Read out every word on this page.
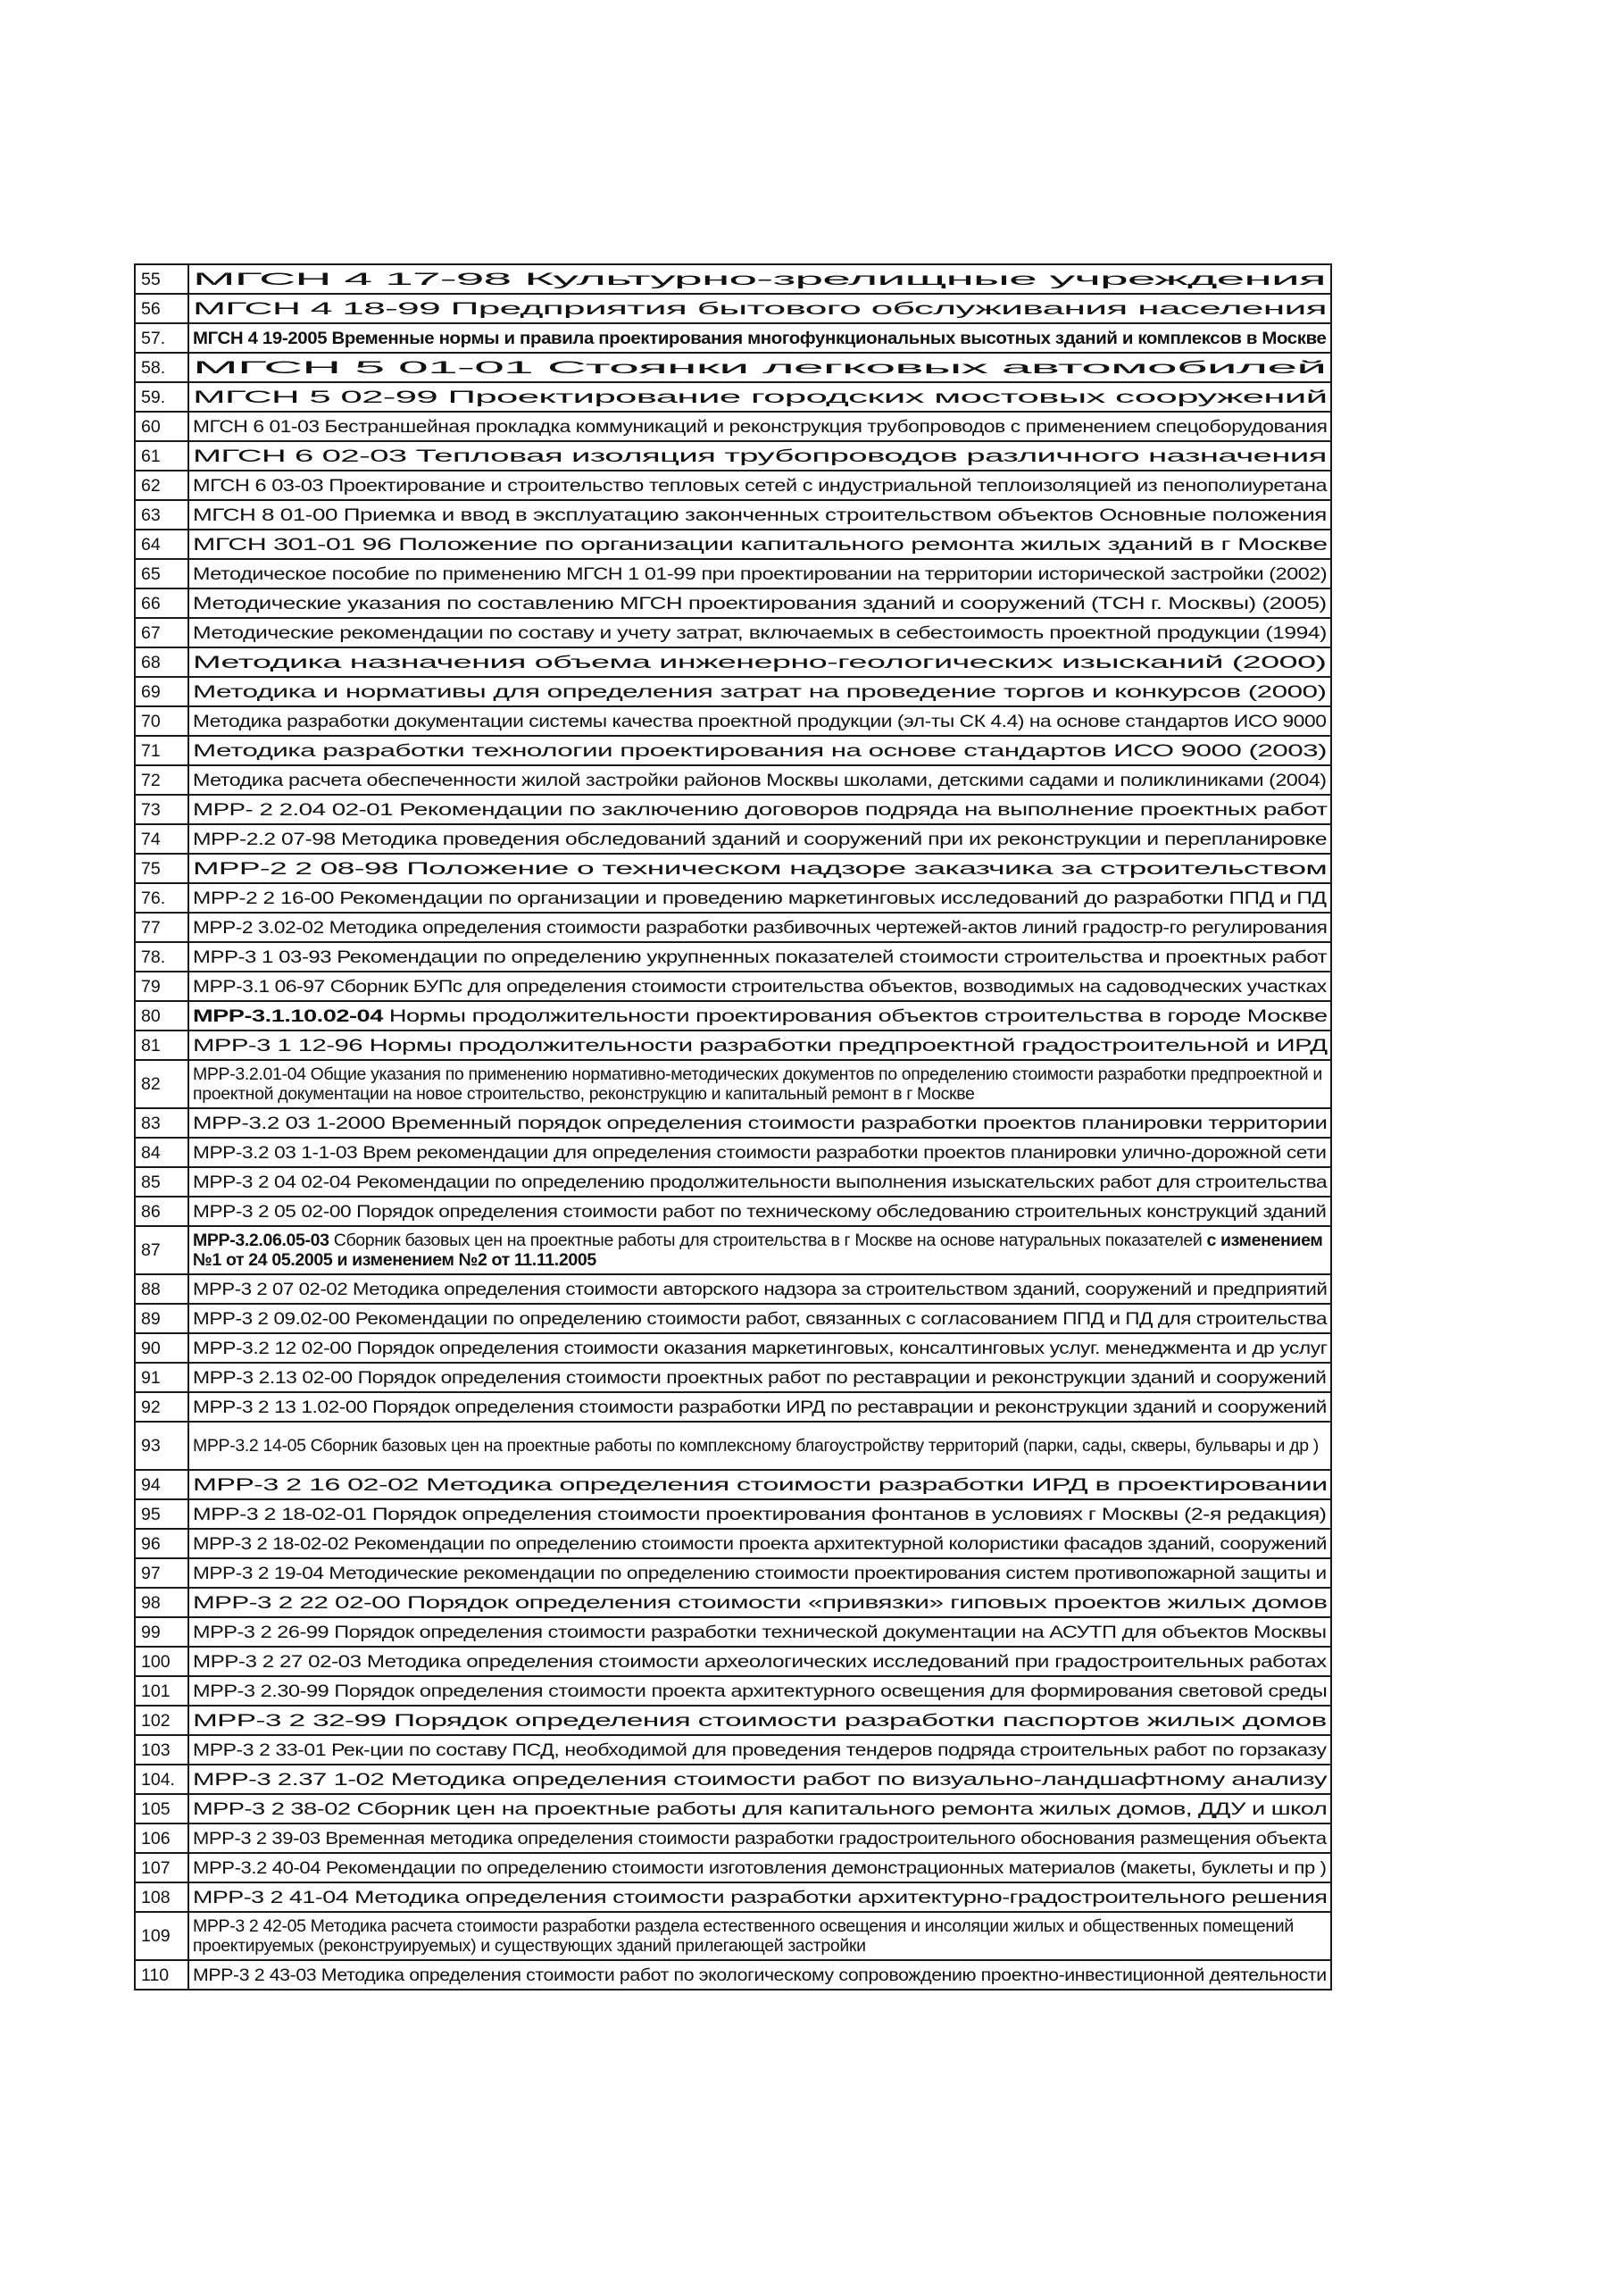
55	МГСН 4 17-98 Культурно-зрелищные учреждения
56	МГСН 4 18-99 Предприятия бытового обслуживания населения
57.	МГСН 4 19-2005 Временные нормы и правила проектирования многофункциональных высотных зданий и комплексов в Москве
58.	МГСН 5 01-01 Стоянки легковых автомобилей
59.	МГСН 5 02-99 Проектирование городских мостовых сооружений
60	МГСН 6 01-03 Бестраншейная прокладка коммуникаций и реконструкция трубопроводов с применением спецоборудования
61	МГСН 6 02-03 Тепловая изоляция трубопроводов различного назначения
62	МГСН 6 03-03 Проектирование и строительство тепловых сетей с индустриальной теплоизоляцией из пенополиуретана
63	МГСН 8 01-00 Приемка и ввод в эксплуатацию законченных строительством объектов Основные положения
64	МГСН 301-01 96 Положение по организации капитального ремонта жилых зданий в г Москве
65	Методическое пособие по применению МГСН 1 01-99 при проектировании на территории исторической застройки (2002)
66	Методические указания по составлению МГСН проектирования зданий и сооружений (ТСН г. Москвы) (2005)
67	Методические рекомендации по составу и учету затрат, включаемых в себестоимость проектной продукции (1994)
68	Методика назначения объема инженерно-геологических изысканий (2000)
69	Методика и нормативы для определения затрат на проведение торгов и конкурсов (2000)
70	Методика разработки документации системы качества проектной продукции (эл-ты СК 4.4) на основе стандартов ИСО 9000
71	Методика разработки технологии проектирования на основе стандартов ИСО 9000 (2003)
72	Методика расчета обеспеченности жилой застройки районов Москвы школами, детскими садами и поликлиниками (2004)
73	МРР- 2 2.04 02-01 Рекомендации по заключению договоров подряда на выполнение проектных работ
74	МРР-2.2 07-98 Методика проведения обследований зданий и сооружений при их реконструкции и перепланировке
75	МРР-2 2 08-98 Положение о техническом надзоре заказчика за строительством
76.	МРР-2 2 16-00 Рекомендации по организации и проведению маркетинговых исследований до разработки ППД и ПД
77	МРР-2 3.02-02 Методика определения стоимости разработки разбивочных чертежей-актов линий градостр-го регулирования
78.	МРР-3 1 03-93 Рекомендации по определению укрупненных показателей стоимости строительства и проектных работ
79	МРР-3.1 06-97 Сборник БУПс для определения стоимости строительства объектов, возводимых на садоводческих участках
80	МРР-3.1.10.02-04 Нормы продолжительности проектирования объектов строительства в городе Москве
81	МРР-3 1 12-96 Нормы продолжительности разработки предпроектной градостроительной и ИРД
82	МРР-3.2.01-04 Общие указания по применению нормативно-методических документов по определению стоимости разработки предпроектной и проектной документации на новое строительство, реконструкцию и капитальный ремонт в г Москве
83	МРР-3.2 03 1-2000 Временный порядок определения стоимости разработки проектов планировки территории
84	МРР-3.2 03 1-1-03 Врем рекомендации для определения стоимости разработки проектов планировки улично-дорожной сети
85	МРР-3 2 04 02-04 Рекомендации по определению продолжительности выполнения изыскательских работ для строительства
86	МРР-3 2 05 02-00 Порядок определения стоимости работ по техническому обследованию строительных конструкций зданий
87	МРР-3.2.06.05-03 Сборник базовых цен на проектные работы для строительства в г Москве на основе натуральных показателей с изменением №1 от 24 05.2005 и изменением №2 от 11.11.2005
88	МРР-3 2 07 02-02 Методика определения стоимости авторского надзора за строительством зданий, сооружений и предприятий
89	МРР-3 2 09.02-00 Рекомендации по определению стоимости работ, связанных с согласованием ППД и ПД для строительства
90	МРР-3.2 12 02-00 Порядок определения стоимости оказания маркетинговых, консалтинговых услуг. менеджмента и др услуг
91	МРР-3 2.13 02-00 Порядок определения стоимости проектных работ по реставрации и реконструкции зданий и сооружений
92	МРР-3 2 13 1.02-00 Порядок определения стоимости разработки ИРД по реставрации и реконструкции зданий и сооружений
93	МРР-3.2 14-05 Сборник базовых цен на проектные работы по комплексному благоустройству территорий (парки, сады, скверы, бульвары и др )
94	МРР-3 2 16 02-02 Методика определения стоимости разработки ИРД в проектировании
95	МРР-3 2 18-02-01 Порядок определения стоимости проектирования фонтанов в условиях г Москвы (2-я редакция)
96	МРР-3 2 18-02-02 Рекомендации по определению стоимости проекта архитектурной колористики фасадов зданий, сооружений
97	МРР-3 2 19-04 Методические рекомендации по определению стоимости проектирования систем противопожарной защиты и
98	МРР-3 2 22 02-00 Порядок определения стоимости «привязки» гиповых проектов жилых домов
99	МРР-3 2 26-99 Порядок определения стоимости разработки технической документации на АСУТП для объектов Москвы
100	МРР-3 2 27 02-03 Методика определения стоимости археологических исследований при градостроительных работах
101	МРР-3 2.30-99 Порядок определения стоимости проекта архитектурного освещения для формирования световой среды
102	МРР-3 2 32-99 Порядок определения стоимости разработки паспортов жилых домов
103	МРР-3 2 33-01 Рек-ции по составу ПСД, необходимой для проведения тендеров подряда строительных работ по горзаказу
104.	МРР-3 2.37 1-02 Методика определения стоимости работ по визуально-ландшафтному анализу
105	МРР-3 2 38-02 Сборник цен на проектные работы для капитального ремонта жилых домов, ДДУ и школ
106	МРР-3 2 39-03 Временная методика определения стоимости разработки градостроительного обоснования размещения объекта
107	МРР-3.2 40-04 Рекомендации по определению стоимости изготовления демонстрационных материалов (макеты, буклеты и пр )
108	МРР-3 2 41-04 Методика определения стоимости разработки архитектурно-градостроительного решения
109	МРР-3 2 42-05 Методика расчета стоимости разработки раздела естественного освещения и инсоляции жилых и общественных помещений проектируемых (реконструируемых) и существующих зданий прилегающей застройки
110	МРР-3 2 43-03 Методика определения стоимости работ по экологическому сопровождению проектно-инвестиционной деятельности
